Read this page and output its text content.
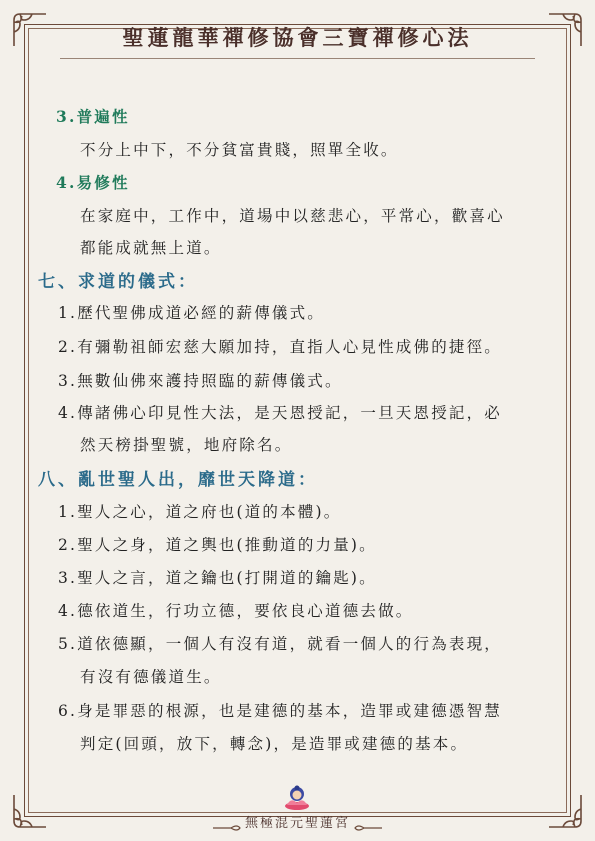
聖蓮龍華禪修協會三寶禪修心法
3.普遍性
不分上中下，不分貧富貴賤，照單全收。
4.易修性
在家庭中，工作中，道場中以慈悲心，平常心，歡喜心
都能成就無上道。
七、求道的儀式：
1.歷代聖佛成道必經的薪傳儀式。
2.有彌勒祖師宏慈大願加持，直指人心見性成佛的捷徑。
3.無數仙佛來護持照臨的薪傳儀式。
4.傳諸佛心印見性大法，是天恩授記，一旦天恩授記，必
然天榜掛聖號，地府除名。
八、亂世聖人出，靡世天降道：
1.聖人之心，道之府也(道的本體)。
2.聖人之身，道之輿也(推動道的力量)。
3.聖人之言，道之鑰也(打開道的鑰匙)。
4.德依道生，行功立德，要依良心道德去做。
5.道依德顯，一個人有沒有道，就看一個人的行為表現，
有沒有德儀道生。
6.身是罪惡的根源，也是建德的基本，造罪或建德憑智慧
判定(回頭，放下，轉念)，是造罪或建德的基本。
無極混元聖蓮宮
